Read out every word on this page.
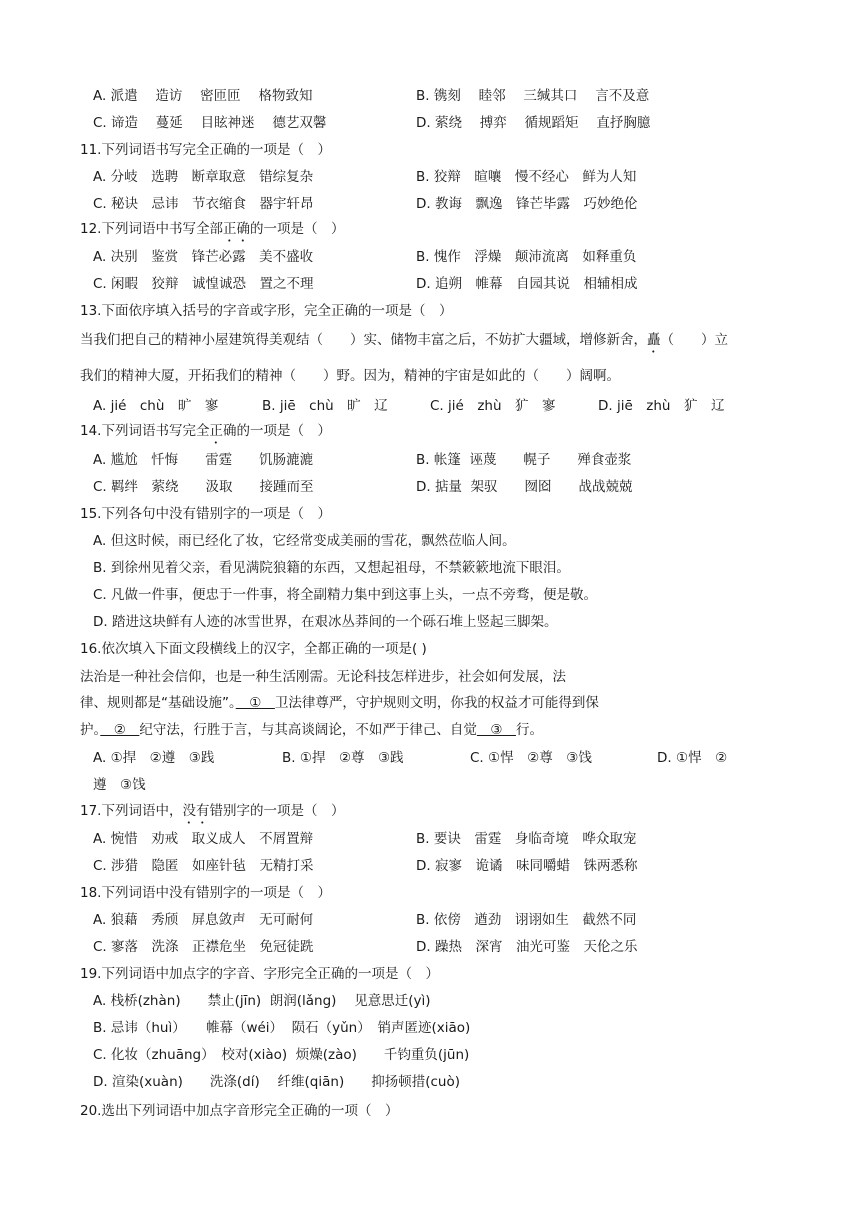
A. 派遣　 造访　 密匝匝　 格物致知	B. 镌刻　 睦邻　 三缄其口　 言不及意
C. 谛造　 蔓延　 目眩神迷　 德艺双馨	D. 萦绕　 搏弈　 循规蹈矩　 直抒胸臆
11.下列词语书写完全正确的一项是（　）
A. 分岐　选聘　断章取意　错综复杂	B. 狡辩　暄嚷　慢不经心　鲜为人知
C. 秘诀　忌讳　节衣缩食　器宇轩昂	D. 教诲　飘逸　锋芒毕露　巧妙绝伦
12.下列词语中书写全部正确的一项是（　）
A. 决别　鉴赏　锋芒必露　美不盛收	B. 愧作　浮燥　颠沛流离　如释重负
C. 闲暇　狡辩　诚惶诚恐　置之不理	D. 追朔　帷幕　自园其说　相辅相成
13.下面依序填入括号的字音或字形，完全正确的一项是（　）
当我们把自己的精神小屋建筑得美观结（　　）实、储物丰富之后，不妨扩大疆域，增修新舍，矗（　　）立
我们的精神大厦，开拓我们的精神（　　）野。因为，精神的宇宙是如此的（　　）阔啊。
A. jié　chù　旷　寥	B. jiē　chù　旷　辽	C. jié　zhù　犷　寥	D. jiē　zhù　犷　辽
14.下列词语书写完全正确的一项是（　）
A. 尴尬　忏悔　　雷霆　　饥肠漉漉	B. 帐篷  诬蔑　　幌子　　殚食壶浆
C. 羁绊　萦绕　　汲取　　接踵而至	D. 掂量  架驭　　囫囵　　战战兢兢
15.下列各句中没有错别字的一项是（　）
A. 但这时候，雨已经化了妆，它经常变成美丽的雪花，飘然莅临人间。
B. 到徐州见着父亲，看见满院狼籍的东西，又想起祖母，不禁簌簌地流下眼泪。
C. 凡做一件事，便忠于一件事，将全副精力集中到这事上头，一点不旁骛，便是敬。
D. 踏进这块鲜有人迹的冰雪世界，在艰冰丛莽间的一个砾石堆上竖起三脚架。
16.依次填入下面文段横线上的汉字，全都正确的一项是( )
法治是一种社会信仰，也是一种生活刚需。无论科技怎样进步，社会如何发展，法
律、规则都是“基础设施”。　①　卫法律尊严，守护规则文明，你我的权益才可能得到保
护。　②　纪守法，行胜于言，与其高谈阔论，不如严于律己、自觉　③　行。
A. ①捍　②遵　③践	B. ①捍　②尊　③践	C. ①悍　②尊　③饯	D. ①悍　②
遵　③饯
17.下列词语中，没有错别字的一项是（　）
A. 惋惜　劝戒　取义成人　不屑置辩	B. 要诀　雷霆　身临奇境　哗众取宠
C. 涉猎　隐匿　如座针毡　无精打采	D. 寂寥　诡谲　味同嚼蜡　铢两悉称
18.下列词语中没有错别字的一项是（　）
A. 狼藉　秀颀　屏息敛声　无可耐何	B. 依傍　遒劲　诩诩如生　截然不同
C. 寥落　洗涤　正襟危坐　免冠徒跣	D. 躁热　深宵　油光可鉴　天伦之乐
19.下列词语中加点字的字音、字形完全正确的一项是（　）
A. 栈桥(zhàn)　　禁止(jīn)  朗润(lǎng)　 见意思迁(yì)
B. 忌讳（huì）　　帷幕（wéi）  陨石（yǔn）　销声匿迹(xiāo)
C. 化妆（zhuāng）　校对(xiào)  烦燥(zào)　　千钧重负(jūn)
D. 渲染(xuàn)　　洗涤(dí)　 纤维(qiān)　　抑扬顿措(cuò)
20.选出下列词语中加点字音形完全正确的一项（　）
